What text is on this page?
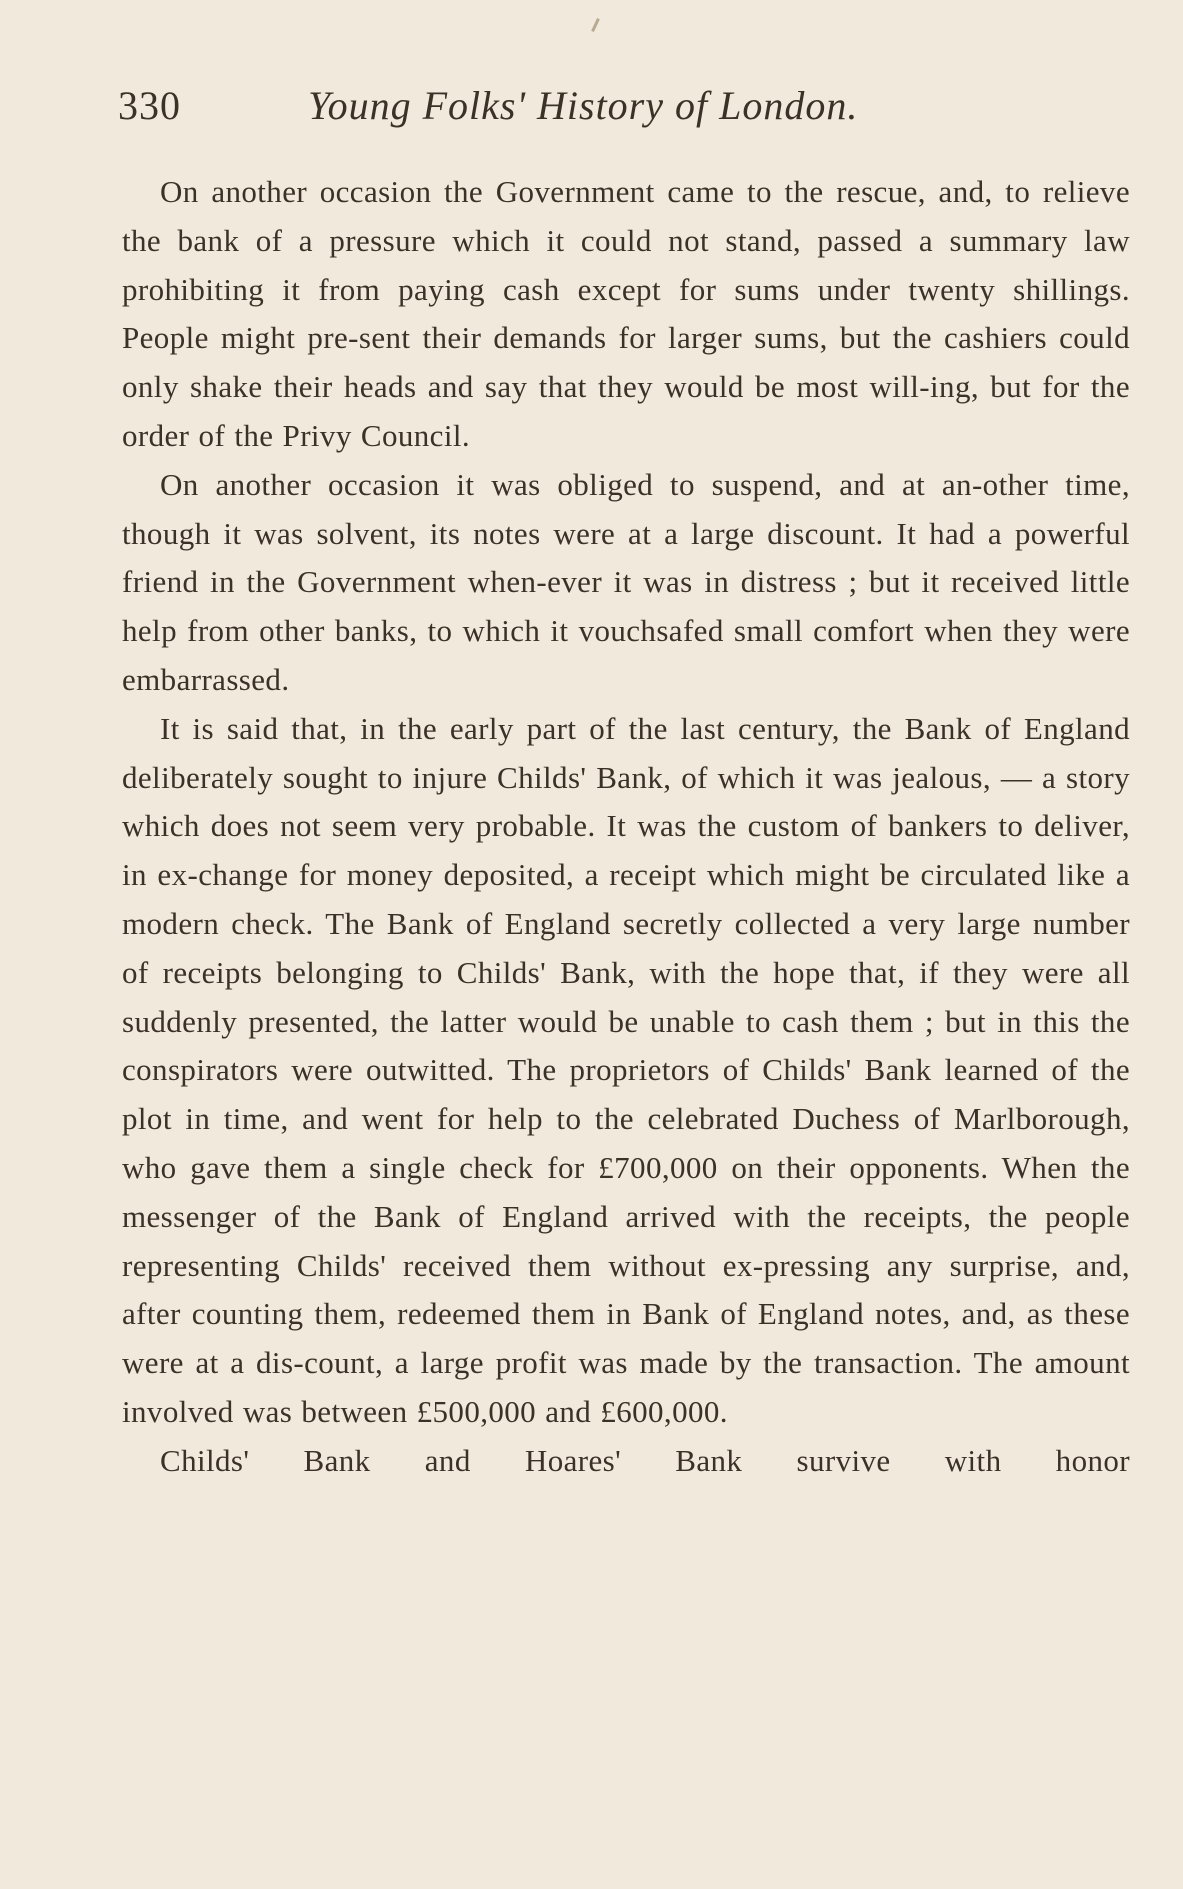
330	Young Folks' History of London.

On another occasion the Government came to the rescue, and, to relieve the bank of a pressure which it could not stand, passed a summary law prohibiting it from paying cash except for sums under twenty shillings. People might pre-sent their demands for larger sums, but the cashiers could only shake their heads and say that they would be most will-ing, but for the order of the Privy Council.

On another occasion it was obliged to suspend, and at an-other time, though it was solvent, its notes were at a large discount. It had a powerful friend in the Government when-ever it was in distress ; but it received little help from other banks, to which it vouchsafed small comfort when they were embarrassed.

It is said that, in the early part of the last century, the Bank of England deliberately sought to injure Childs' Bank, of which it was jealous, — a story which does not seem very probable. It was the custom of bankers to deliver, in ex-change for money deposited, a receipt which might be circulated like a modern check. The Bank of England secretly collected a very large number of receipts belonging to Childs' Bank, with the hope that, if they were all suddenly presented, the latter would be unable to cash them ; but in this the conspirators were outwitted. The proprietors of Childs' Bank learned of the plot in time, and went for help to the celebrated Duchess of Marlborough, who gave them a single check for £700,000 on their opponents. When the messenger of the Bank of England arrived with the receipts, the people representing Childs' received them without ex-pressing any surprise, and, after counting them, redeemed them in Bank of England notes, and, as these were at a dis-count, a large profit was made by the transaction. The amount involved was between £500,000 and £600,000.

Childs' Bank and Hoares' Bank survive with honor
